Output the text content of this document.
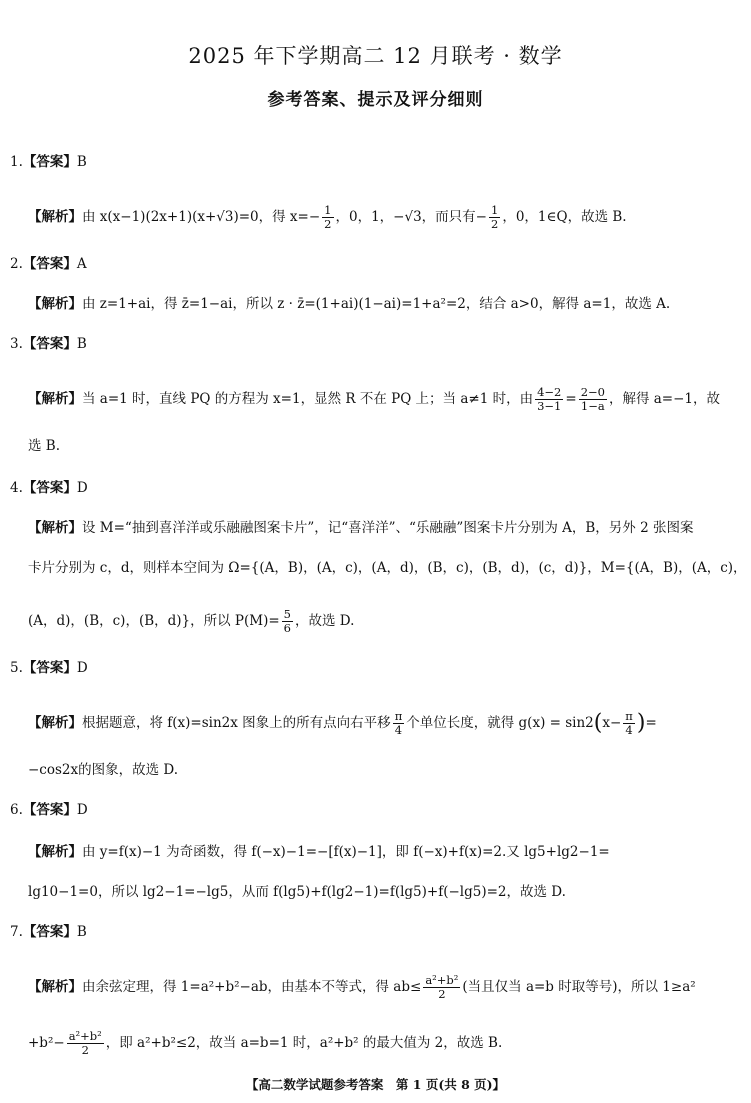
2025 年下学期高二 12 月联考 · 数学
参考答案、提示及评分细则
1.【答案】B
【解析】由 x(x−1)(2x+1)(x+√3)=0，得 $x=- \frac{1}{2}$ ，0，1，−√3，而只有− $\frac{1}{2}$ ，0，1∈Q，故选 B.
2.【答案】A
【解析】由 z=1+ai，得 z̄=1−ai，所以 z · z̄=(1+ai)(1−ai)=1+a²=2，结合 a>0，解得 a=1，故选 A.
3.【答案】B
【解析】当 a=1 时，直线 PQ 的方程为 x=1，显然 R 不在 PQ 上；当 a≠1 时，由 $\frac{4-2}{3-1} = \frac{2-0}{1-a}$ ，解得 a=−1，故
选 B.
4.【答案】D
【解析】设 M=“抽到喜洋洋或乐融融图案卡片”，记“喜洋洋”、“乐融融”图案卡片分别为 A，B，另外 2 张图案
卡片分别为 c，d，则样本空间为 Ω={(A，B)，(A，c)，(A，d)，(B，c)，(B，d)，(c，d)}，M={(A，B)，(A，c)，
(A，d)，(B，c)，(B，d)}，所以 $P(M)= \frac{5}{6}$ ，故选 D.
5.【答案】D
【解析】根据题意，将 f(x)=sin2x 图象上的所有点向右平移 $\frac{\pi}{4}$ 个单位长度，就得 $g(x) = \sin 2(x- \frac{\pi}{4}$ )=
−cos2x的图象，故选 D.
6.【答案】D
【解析】由 y=f(x)−1 为奇函数，得 f(−x)−1=−[f(x)−1]，即 f(−x)+f(x)=2.又 lg5+lg2−1=
lg10−1=0，所以 lg2−1=−lg5，从而 f(lg5)+f(lg2−1)=f(lg5)+f(−lg5)=2，故选 D.
7.【答案】B
【解析】由余弦定理，得 1=a²+b²−ab，由基本不等式，得 $ab\le \frac{\text{a²+b²}}{2}$ (当且仅当 a=b 时取等号)，所以 1≥a²
$+b^2- \frac{\text{a²+b²}}{2}$ ，即 a²+b²≤2，故当 a=b=1 时，a²+b² 的最大值为 2，故选 B.
【高二数学试题参考答案　第 1 页(共 8 页)】
